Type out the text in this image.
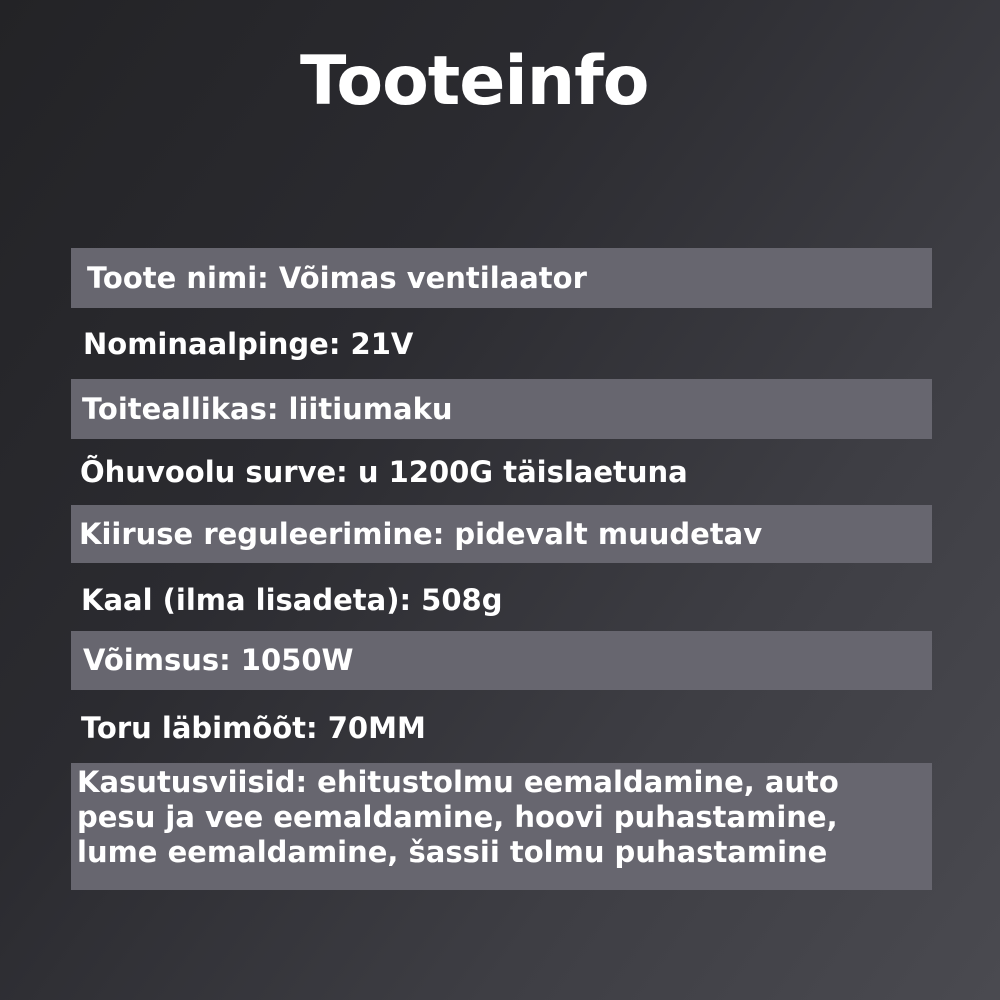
Tooteinfo
Toote nimi: Võimas ventilaator
Nominaalpinge: 21V
Toiteallikas: liitiumaku
Õhuvoolu surve: u 1200G täislaetuna
Kiiruse reguleerimine: pidevalt muudetav
Kaal (ilma lisadeta): 508g
Võimsus: 1050W
Toru läbimõõt: 70MM
Kasutusviisid: ehitustolmu eemaldamine, auto pesu ja vee eemaldamine, hoovi puhastamine, lume eemaldamine, šassii tolmu puhastamine
